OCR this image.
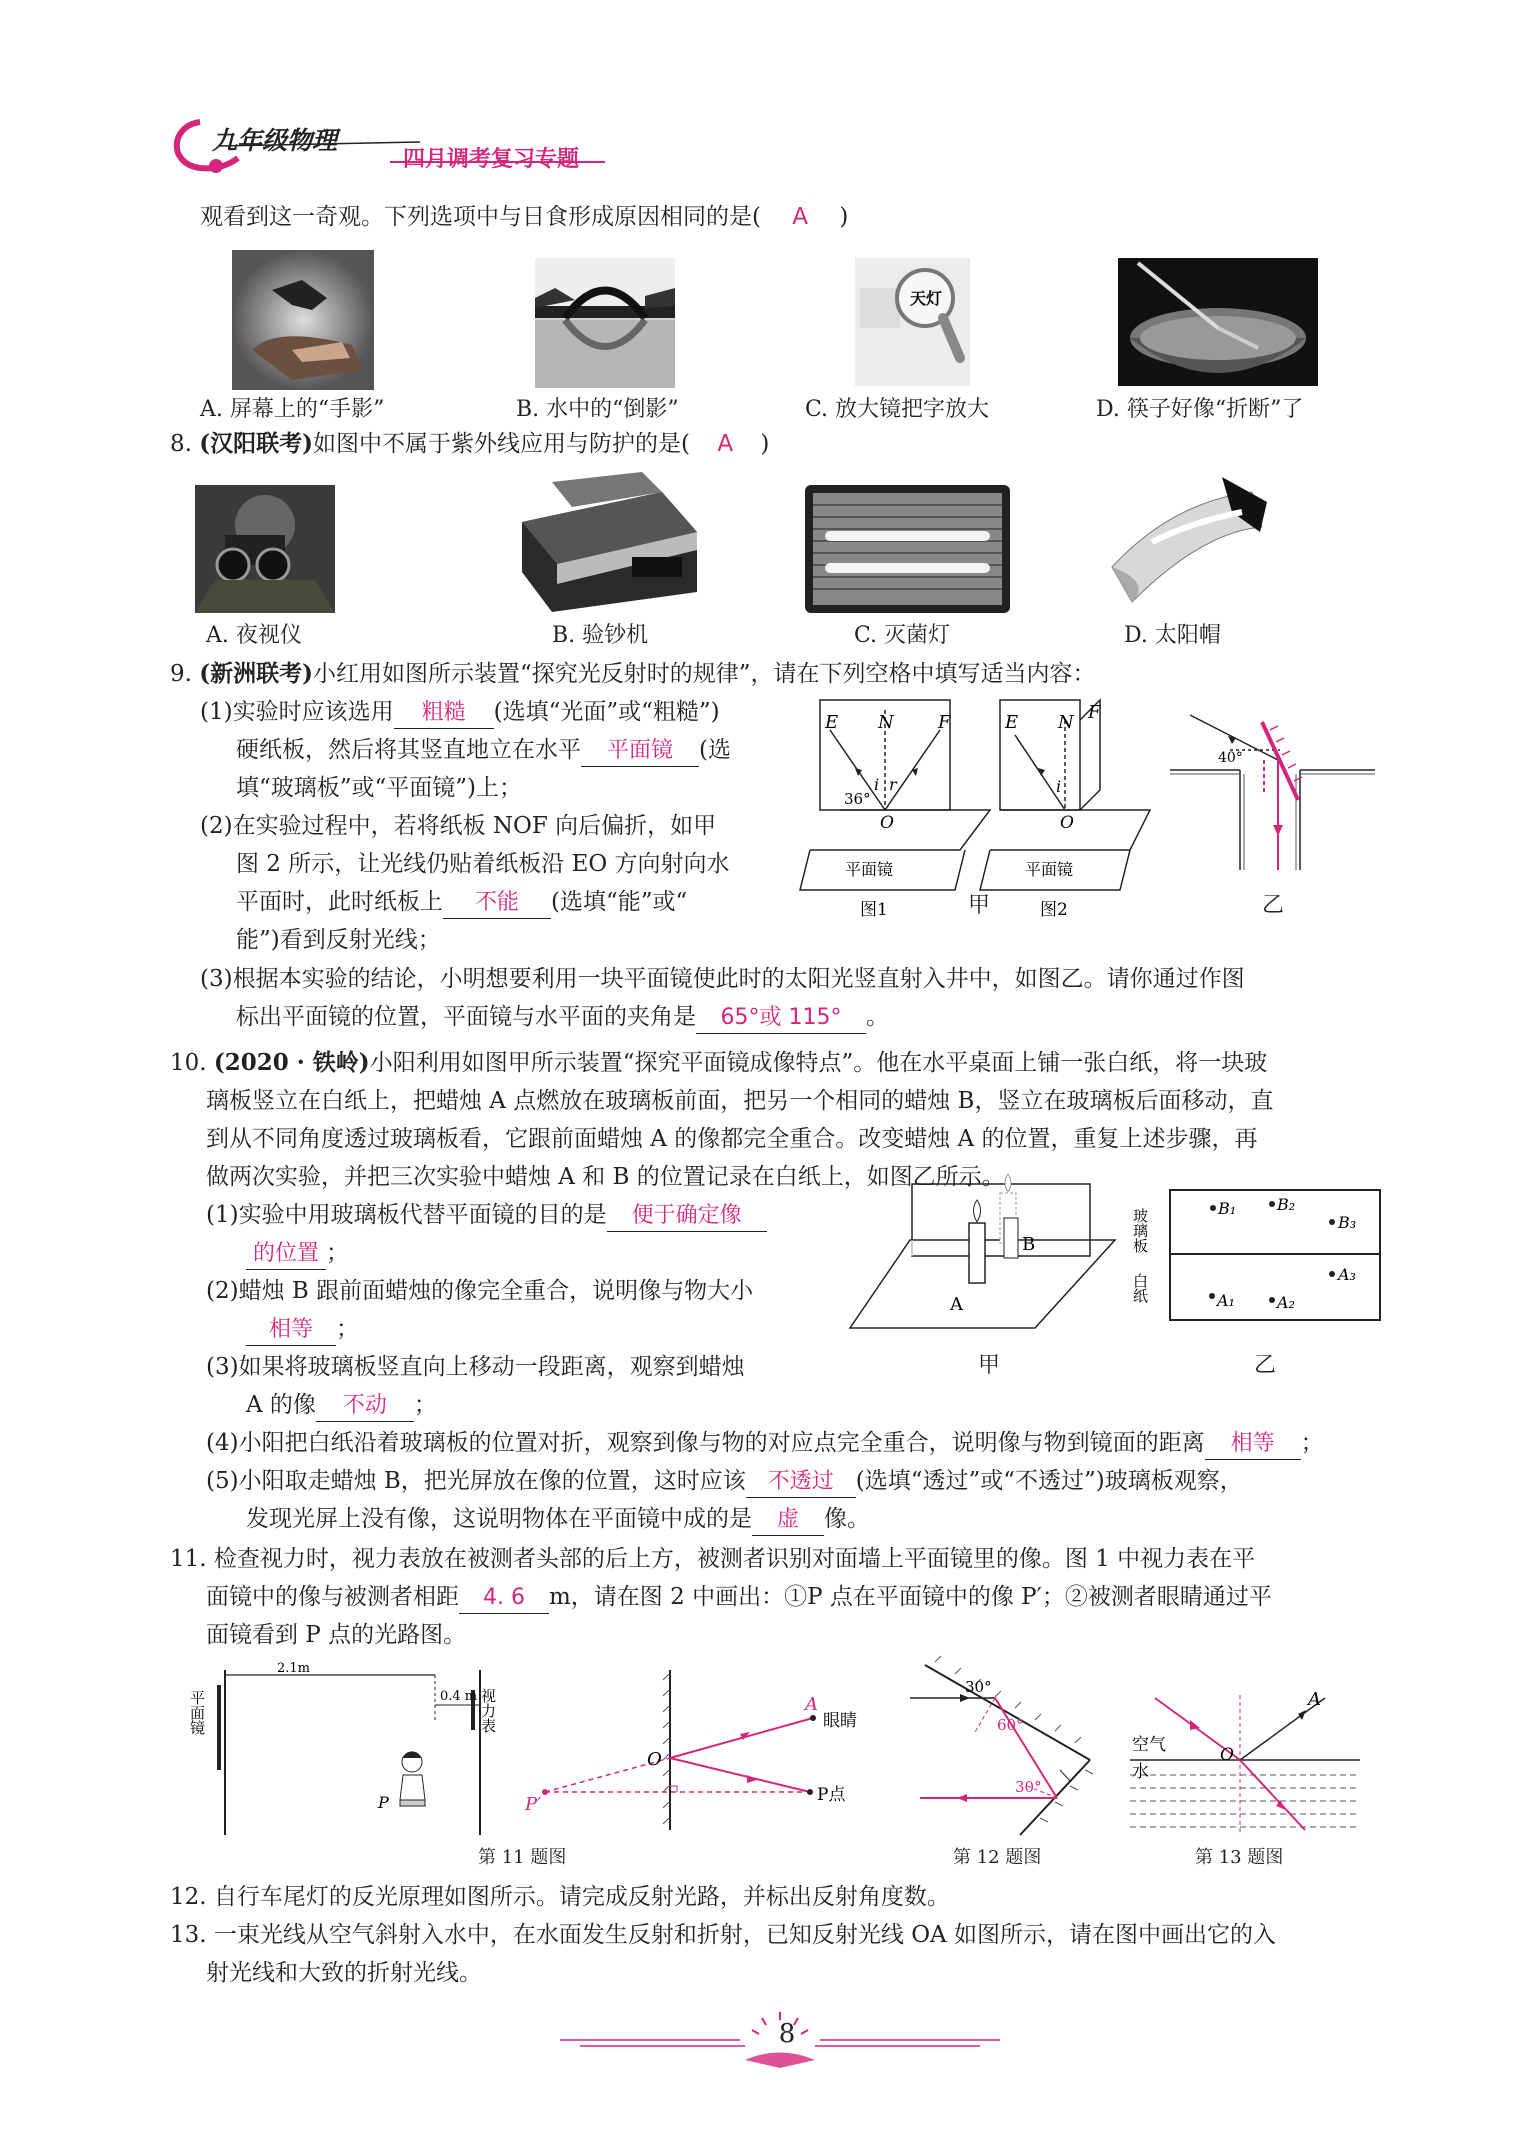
九年级物理
四月调考复习专题
观看到这一奇观。下列选项中与日食形成原因相同的是( A )
天灯
A. 屏幕上的“手影”	B. 水中的“倒影”	C. 放大镜把字放大	D. 筷子好像“折断”了
8. (汉阳联考)如图中不属于紫外线应用与防护的是( A )
A. 夜视仪	B. 验钞机	C. 灭菌灯	D. 太阳帽
9. (新洲联考)小红用如图所示装置“探究光反射时的规律”，请在下列空格中填写适当内容：
(1)实验时应该选用 粗糙 (选填“光面”或“粗糙”)
硬纸板，然后将其竖直地立在水平 平面镜 (选
填“玻璃板”或“平面镜”)上；
(2)在实验过程中，若将纸板 NOF 向后偏折，如甲
图 2 所示，让光线仍贴着纸板沿 EO 方向射向水
平面时，此时纸板上 不能 (选填“能”或“
能”)看到反射光线；
(3)根据本实验的结论，小明想要利用一块平面镜使此时的太阳光竖直射入井中，如图乙。请你通过作图
标出平面镜的位置，平面镜与水平面的夹角是 65°或 115° 。
E N F
i r
O
36°
平面镜
图1
E N F
i
O
平面镜
图2
甲
40°
乙
10. (2020 · 铁岭)小阳利用如图甲所示装置“探究平面镜成像特点”。他在水平桌面上铺一张白纸，将一块玻
璃板竖立在白纸上，把蜡烛 A 点燃放在玻璃板前面，把另一个相同的蜡烛 B，竖立在玻璃板后面移动，直
到从不同角度透过玻璃板看，它跟前面蜡烛 A 的像都完全重合。改变蜡烛 A 的位置，重复上述步骤，再
做两次实验，并把三次实验中蜡烛 A 和 B 的位置记录在白纸上，如图乙所示。
(1)实验中用玻璃板代替平面镜的目的是 便于确定像
的位置 ；
(2)蜡烛 B 跟前面蜡烛的像完全重合，说明像与物大小
相等 ；
(3)如果将玻璃板竖直向上移动一段距离，观察到蜡烛
A 的像 不动 ；
(4)小阳把白纸沿着玻璃板的位置对折，观察到像与物的对应点完全重合，说明像与物到镜面的距离 相等 ；
(5)小阳取走蜡烛 B，把光屏放在像的位置，这时应该 不透过 (选填“透过”或“不透过”)玻璃板观察，
发现光屏上没有像，这说明物体在平面镜中成的是 虚 像。
A
B
甲
玻璃板
白纸
B₁	B₂
B₃
A₁	A₂
A₃
乙
11. 检查视力时，视力表放在被测者头部的后上方，被测者识别对面墙上平面镜里的像。图 1 中视力表在平
面镜中的像与被测者相距 4. 6 m，请在图 2 中画出：①P 点在平面镜中的像 P′；②被测者眼睛通过平
面镜看到 P 点的光路图。
2.1m
0.4 m
平面镜	视力表
P
A
眼睛
O
P′	P点
第 11 题图
30°
60°
30°
第 12 题图
A
空气
水
O
第 13 题图
12. 自行车尾灯的反光原理如图所示。请完成反射光路，并标出反射角度数。
13. 一束光线从空气斜射入水中，在水面发生反射和折射，已知反射光线 OA 如图所示，请在图中画出它的入
射光线和大致的折射光线。
8
